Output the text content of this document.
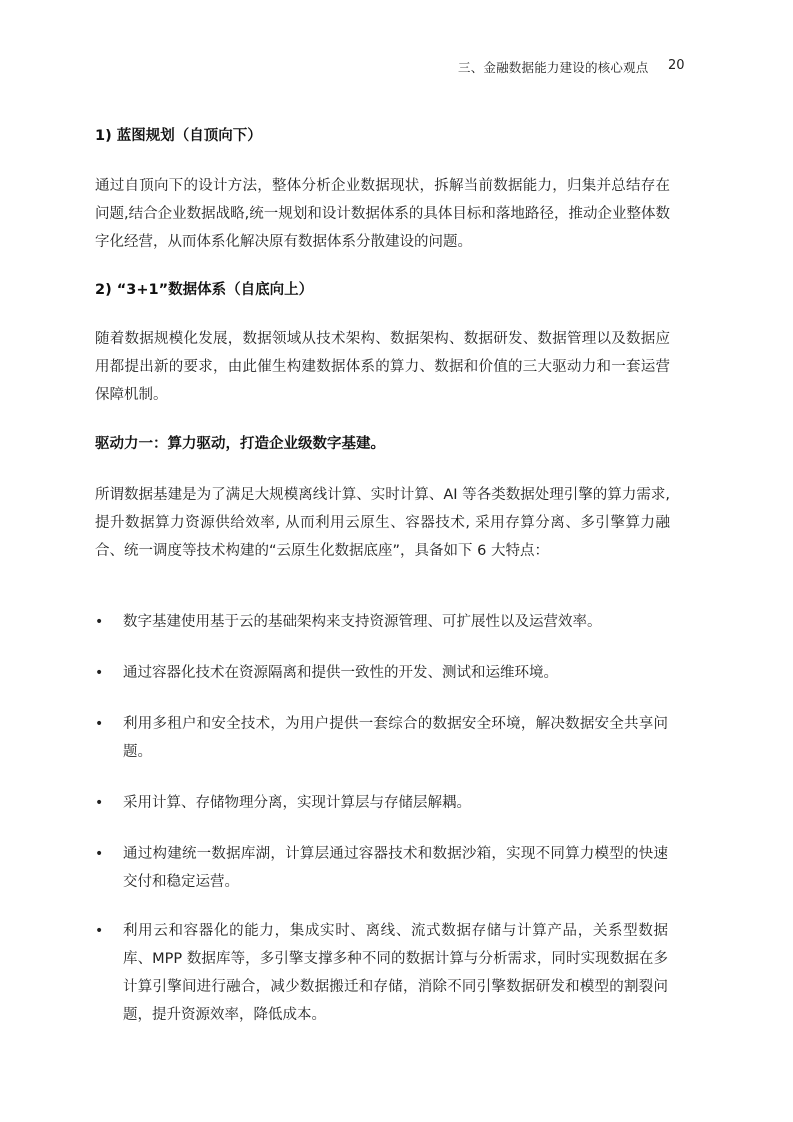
三、金融数据能力建设的核心观点 20
1) 蓝图规划（自顶向下）
通过自顶向下的设计方法，整体分析企业数据现状，拆解当前数据能力，归集并总结存在问题,结合企业数据战略,统一规划和设计数据体系的具体目标和落地路径，推动企业整体数字化经营，从而体系化解决原有数据体系分散建设的问题。
2) “3+1”数据体系（自底向上）
随着数据规模化发展，数据领域从技术架构、数据架构、数据研发、数据管理以及数据应用都提出新的要求，由此催生构建数据体系的算力、数据和价值的三大驱动力和一套运营保障机制。
驱动力一：算力驱动，打造企业级数字基建。
所谓数据基建是为了满足大规模离线计算、实时计算、AI 等各类数据处理引擎的算力需求, 提升数据算力资源供给效率, 从而利用云原生、容器技术, 采用存算分离、多引擎算力融合、统一调度等技术构建的“云原生化数据底座”，具备如下 6 大特点：
• 数字基建使用基于云的基础架构来支持资源管理、可扩展性以及运营效率。
• 通过容器化技术在资源隔离和提供一致性的开发、测试和运维环境。
• 利用多租户和安全技术，为用户提供一套综合的数据安全环境，解决数据安全共享问题。
• 采用计算、存储物理分离，实现计算层与存储层解耦。
• 通过构建统一数据库湖，计算层通过容器技术和数据沙箱，实现不同算力模型的快速交付和稳定运营。
• 利用云和容器化的能力，集成实时、离线、流式数据存储与计算产品，关系型数据库、MPP 数据库等，多引擎支撑多种不同的数据计算与分析需求，同时实现数据在多计算引擎间进行融合，减少数据搬迁和存储，消除不同引擎数据研发和模型的割裂问题，提升资源效率，降低成本。
